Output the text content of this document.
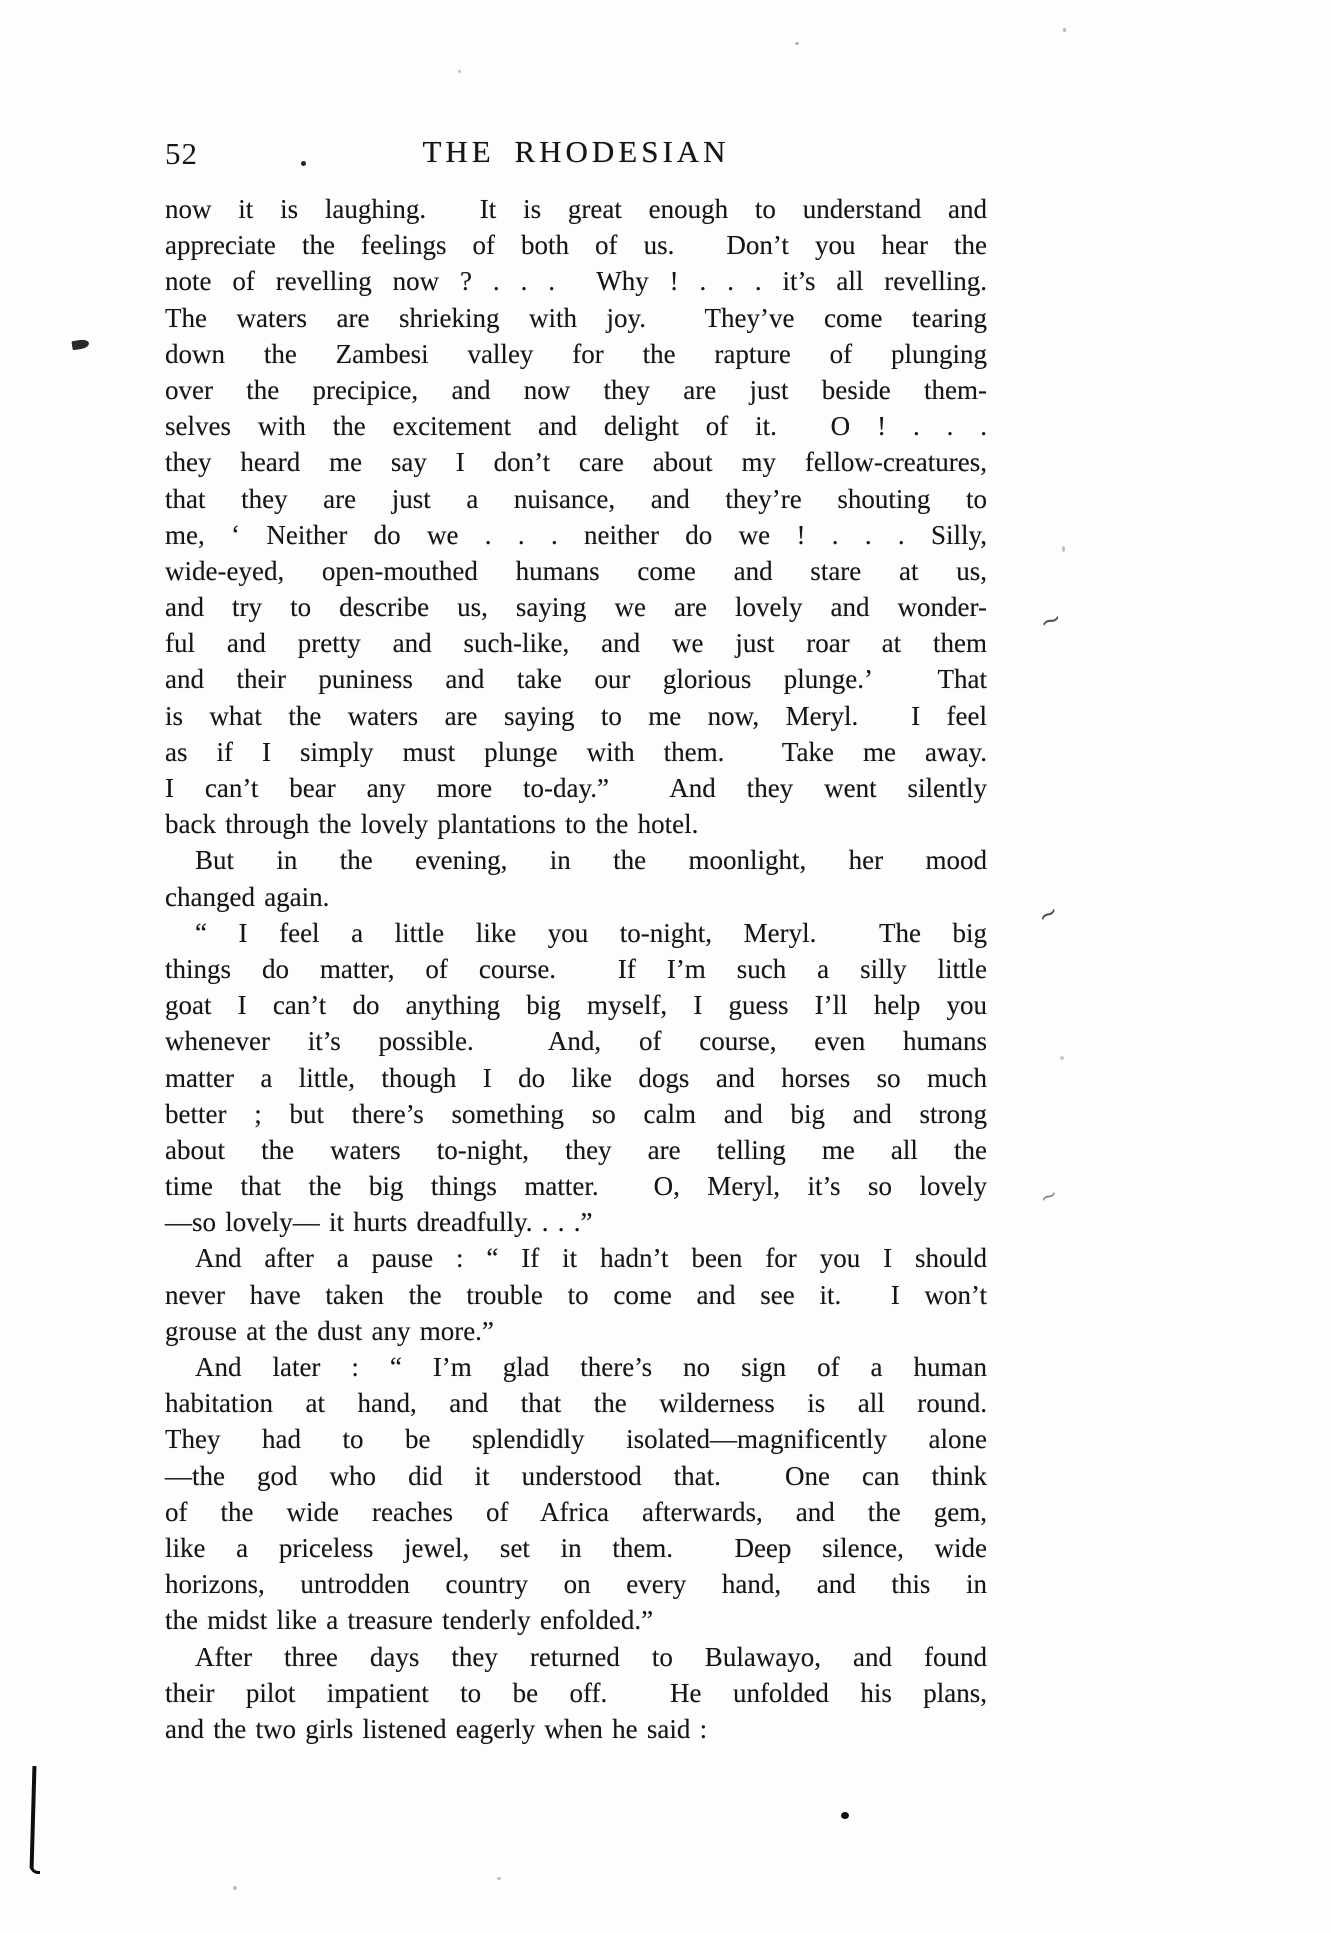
52	THE RHODESIAN
now it is laughing.  It is great enough to understand and
appreciate the feelings of both of us.  Don’t you hear the
note of revelling now ? . . .  Why ! . . . it’s all revelling.
The waters are shrieking with joy.  They’ve come tearing
down the Zambesi valley for the rapture of plunging
over the precipice, and now they are just beside them-
selves with the excitement and delight of it.  O ! . . .
they heard me say I don’t care about my fellow-creatures,
that they are just a nuisance, and they’re shouting to
me, ‘ Neither do we . . . neither do we ! . . . Silly,
wide-eyed, open-mouthed humans come and stare at us,
and try to describe us, saying we are lovely and wonder-
ful and pretty and such-like, and we just roar at them
and their puniness and take our glorious plunge.’  That
is what the waters are saying to me now, Meryl.  I feel
as if I simply must plunge with them.  Take me away.
I can’t bear any more to-day.”  And they went silently
back through the lovely plantations to the hotel.
But in the evening, in the moonlight, her mood
changed again.
“ I feel a little like you to-night, Meryl.  The big
things do matter, of course.  If I’m such a silly little
goat I can’t do anything big myself, I guess I’ll help you
whenever it’s possible.  And, of course, even humans
matter a little, though I do like dogs and horses so much
better ; but there’s something so calm and big and strong
about the waters to-night, they are telling me all the
time that the big things matter.  O, Meryl, it’s so lovely
—so lovely— it hurts dreadfully. . . .”
And after a pause : “ If it hadn’t been for you I should
never have taken the trouble to come and see it.  I won’t
grouse at the dust any more.”
And later : “ I’m glad there’s no sign of a human
habitation at hand, and that the wilderness is all round.
They had to be splendidly isolated—magnificently alone
—the god who did it understood that.  One can think
of the wide reaches of Africa afterwards, and the gem,
like a priceless jewel, set in them.  Deep silence, wide
horizons, untrodden country on every hand, and this in
the midst like a treasure tenderly enfolded.”
After three days they returned to Bulawayo, and found
their pilot impatient to be off.  He unfolded his plans,
and the two girls listened eagerly when he said :
~
~
~
